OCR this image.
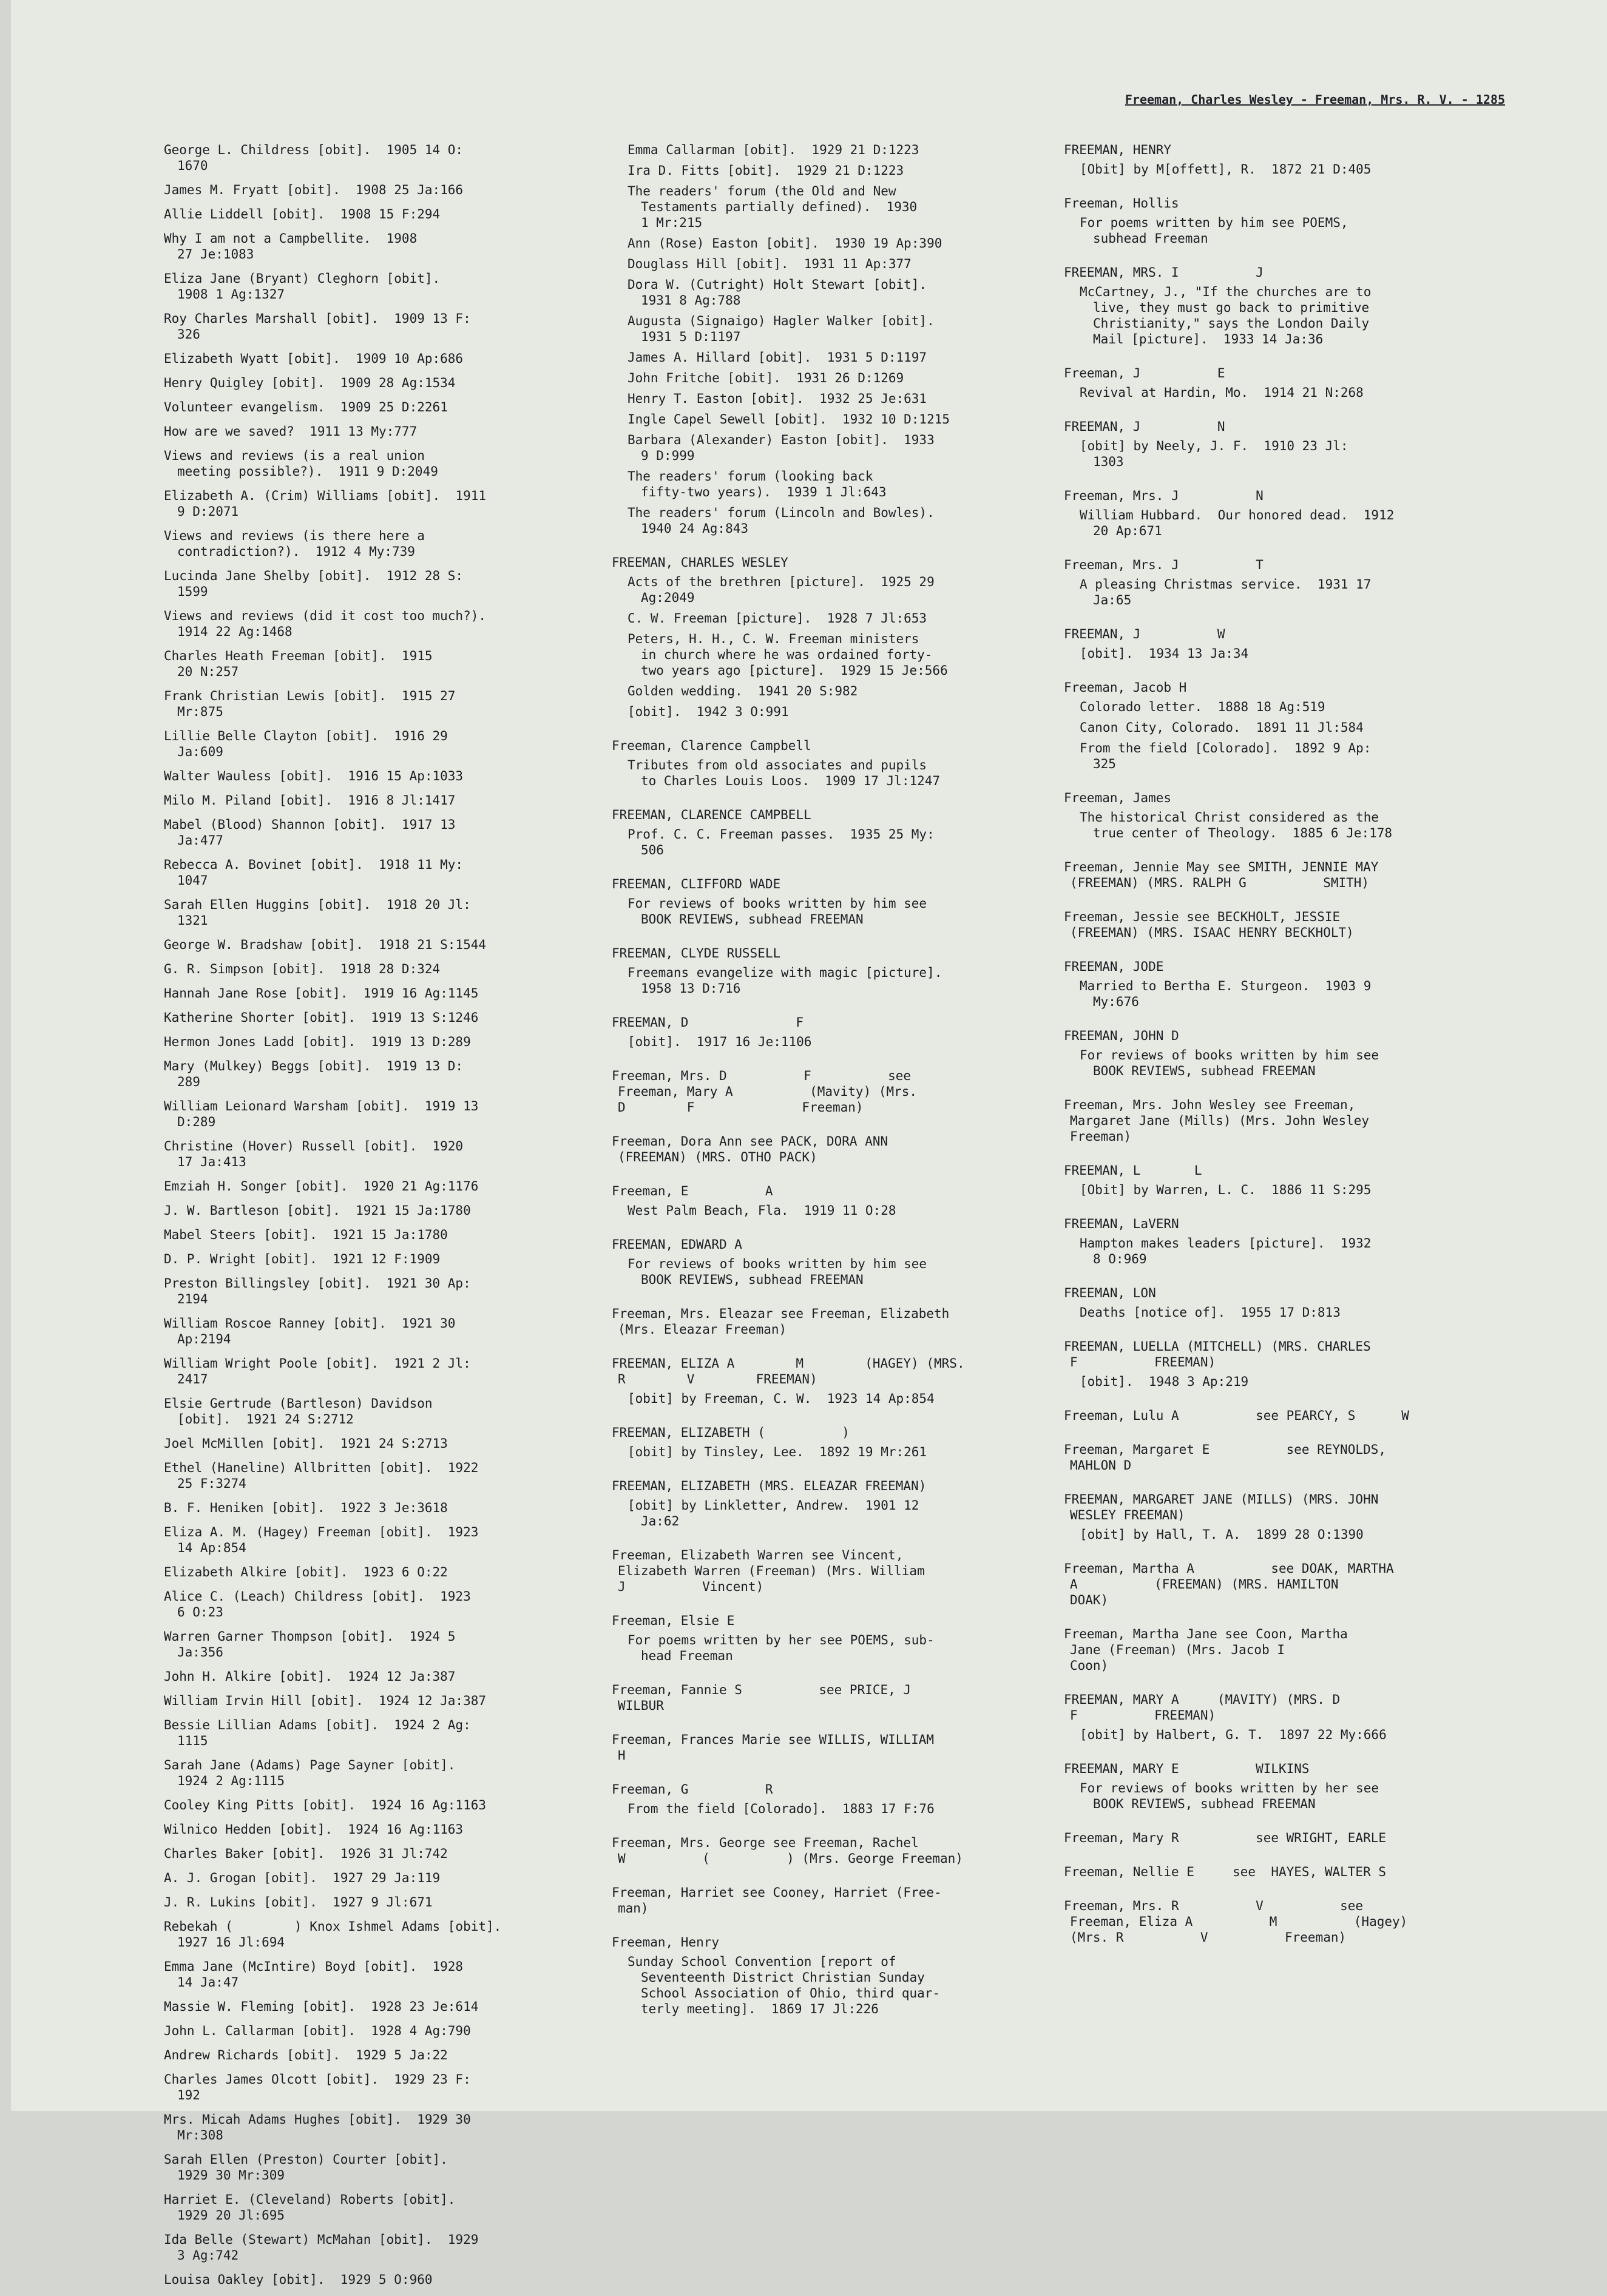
Freeman, Charles Wesley - Freeman, Mrs. R. V. - 1285
George L. Childress [obit].  1905 14 O:
1670
James M. Fryatt [obit].  1908 25 Ja:166
Allie Liddell [obit].  1908 15 F:294
Why I am not a Campbellite.  1908
27 Je:1083
Eliza Jane (Bryant) Cleghorn [obit].
1908 1 Ag:1327
Roy Charles Marshall [obit].  1909 13 F:
326
Elizabeth Wyatt [obit].  1909 10 Ap:686
Henry Quigley [obit].  1909 28 Ag:1534
Volunteer evangelism.  1909 25 D:2261
How are we saved?  1911 13 My:777
Views and reviews (is a real union
meeting possible?).  1911 9 D:2049
Elizabeth A. (Crim) Williams [obit].  1911
9 D:2071
Views and reviews (is there here a
contradiction?).  1912 4 My:739
Lucinda Jane Shelby [obit].  1912 28 S:
1599
Views and reviews (did it cost too much?).
1914 22 Ag:1468
Charles Heath Freeman [obit].  1915
20 N:257
Frank Christian Lewis [obit].  1915 27
Mr:875
Lillie Belle Clayton [obit].  1916 29
Ja:609
Walter Wauless [obit].  1916 15 Ap:1033
Milo M. Piland [obit].  1916 8 Jl:1417
Mabel (Blood) Shannon [obit].  1917 13
Ja:477
Rebecca A. Bovinet [obit].  1918 11 My:
1047
Sarah Ellen Huggins [obit].  1918 20 Jl:
1321
George W. Bradshaw [obit].  1918 21 S:1544
G. R. Simpson [obit].  1918 28 D:324
Hannah Jane Rose [obit].  1919 16 Ag:1145
Katherine Shorter [obit].  1919 13 S:1246
Hermon Jones Ladd [obit].  1919 13 D:289
Mary (Mulkey) Beggs [obit].  1919 13 D:
289
William Leionard Warsham [obit].  1919 13
D:289
Christine (Hover) Russell [obit].  1920
17 Ja:413
Emziah H. Songer [obit].  1920 21 Ag:1176
J. W. Bartleson [obit].  1921 15 Ja:1780
Mabel Steers [obit].  1921 15 Ja:1780
D. P. Wright [obit].  1921 12 F:1909
Preston Billingsley [obit].  1921 30 Ap:
2194
William Roscoe Ranney [obit].  1921 30
Ap:2194
William Wright Poole [obit].  1921 2 Jl:
2417
Elsie Gertrude (Bartleson) Davidson
[obit].  1921 24 S:2712
Joel McMillen [obit].  1921 24 S:2713
Ethel (Haneline) Allbritten [obit].  1922
25 F:3274
B. F. Heniken [obit].  1922 3 Je:3618
Eliza A. M. (Hagey) Freeman [obit].  1923
14 Ap:854
Elizabeth Alkire [obit].  1923 6 O:22
Alice C. (Leach) Childress [obit].  1923
6 O:23
Warren Garner Thompson [obit].  1924 5
Ja:356
John H. Alkire [obit].  1924 12 Ja:387
William Irvin Hill [obit].  1924 12 Ja:387
Bessie Lillian Adams [obit].  1924 2 Ag:
1115
Sarah Jane (Adams) Page Sayner [obit].
1924 2 Ag:1115
Cooley King Pitts [obit].  1924 16 Ag:1163
Wilnico Hedden [obit].  1924 16 Ag:1163
Charles Baker [obit].  1926 31 Jl:742
A. J. Grogan [obit].  1927 29 Ja:119
J. R. Lukins [obit].  1927 9 Jl:671
Rebekah (        ) Knox Ishmel Adams [obit].
1927 16 Jl:694
Emma Jane (McIntire) Boyd [obit].  1928
14 Ja:47
Massie W. Fleming [obit].  1928 23 Je:614
John L. Callarman [obit].  1928 4 Ag:790
Andrew Richards [obit].  1929 5 Ja:22
Charles James Olcott [obit].  1929 23 F:
192
Mrs. Micah Adams Hughes [obit].  1929 30
Mr:308
Sarah Ellen (Preston) Courter [obit].
1929 30 Mr:309
Harriet E. (Cleveland) Roberts [obit].
1929 20 Jl:695
Ida Belle (Stewart) McMahan [obit].  1929
3 Ag:742
Louisa Oakley [obit].  1929 5 O:960
Emma Callarman [obit].  1929 21 D:1223
Ira D. Fitts [obit].  1929 21 D:1223
The readers' forum (the Old and New
Testaments partially defined).  1930
1 Mr:215
Ann (Rose) Easton [obit].  1930 19 Ap:390
Douglass Hill [obit].  1931 11 Ap:377
Dora W. (Cutright) Holt Stewart [obit].
1931 8 Ag:788
Augusta (Signaigo) Hagler Walker [obit].
1931 5 D:1197
James A. Hillard [obit].  1931 5 D:1197
John Fritche [obit].  1931 26 D:1269
Henry T. Easton [obit].  1932 25 Je:631
Ingle Capel Sewell [obit].  1932 10 D:1215
Barbara (Alexander) Easton [obit].  1933
9 D:999
The readers' forum (looking back
fifty-two years).  1939 1 Jl:643
The readers' forum (Lincoln and Bowles).
1940 24 Ag:843
FREEMAN, CHARLES WESLEY
Acts of the brethren [picture].  1925 29
Ag:2049
C. W. Freeman [picture].  1928 7 Jl:653
Peters, H. H., C. W. Freeman ministers
in church where he was ordained forty-
two years ago [picture].  1929 15 Je:566
Golden wedding.  1941 20 S:982
[obit].  1942 3 O:991
Freeman, Clarence Campbell
Tributes from old associates and pupils
to Charles Louis Loos.  1909 17 Jl:1247
FREEMAN, CLARENCE CAMPBELL
Prof. C. C. Freeman passes.  1935 25 My:
506
FREEMAN, CLIFFORD WADE
For reviews of books written by him see
BOOK REVIEWS, subhead FREEMAN
FREEMAN, CLYDE RUSSELL
Freemans evangelize with magic [picture].
1958 13 D:716
FREEMAN, D              F
[obit].  1917 16 Je:1106
Freeman, Mrs. D          F          see
Freeman, Mary A          (Mavity) (Mrs.
D        F              Freeman)
Freeman, Dora Ann see PACK, DORA ANN
(FREEMAN) (MRS. OTHO PACK)
Freeman, E          A
West Palm Beach, Fla.  1919 11 O:28
FREEMAN, EDWARD A
For reviews of books written by him see
BOOK REVIEWS, subhead FREEMAN
Freeman, Mrs. Eleazar see Freeman, Elizabeth
(Mrs. Eleazar Freeman)
FREEMAN, ELIZA A        M        (HAGEY) (MRS.
R        V        FREEMAN)
[obit] by Freeman, C. W.  1923 14 Ap:854
FREEMAN, ELIZABETH (          )
[obit] by Tinsley, Lee.  1892 19 Mr:261
FREEMAN, ELIZABETH (MRS. ELEAZAR FREEMAN)
[obit] by Linkletter, Andrew.  1901 12
Ja:62
Freeman, Elizabeth Warren see Vincent,
Elizabeth Warren (Freeman) (Mrs. William
J          Vincent)
Freeman, Elsie E
For poems written by her see POEMS, sub-
head Freeman
Freeman, Fannie S          see PRICE, J
WILBUR
Freeman, Frances Marie see WILLIS, WILLIAM
H
Freeman, G          R
From the field [Colorado].  1883 17 F:76
Freeman, Mrs. George see Freeman, Rachel
W          (          ) (Mrs. George Freeman)
Freeman, Harriet see Cooney, Harriet (Free-
man)
Freeman, Henry
Sunday School Convention [report of
Seventeenth District Christian Sunday
School Association of Ohio, third quar-
terly meeting].  1869 17 Jl:226
FREEMAN, HENRY
[Obit] by M[offett], R.  1872 21 D:405
Freeman, Hollis
For poems written by him see POEMS,
subhead Freeman
FREEMAN, MRS. I          J
McCartney, J., "If the churches are to
live, they must go back to primitive
Christianity," says the London Daily
Mail [picture].  1933 14 Ja:36
Freeman, J          E
Revival at Hardin, Mo.  1914 21 N:268
FREEMAN, J          N
[obit] by Neely, J. F.  1910 23 Jl:
1303
Freeman, Mrs. J          N
William Hubbard.  Our honored dead.  1912
20 Ap:671
Freeman, Mrs. J          T
A pleasing Christmas service.  1931 17
Ja:65
FREEMAN, J          W
[obit].  1934 13 Ja:34
Freeman, Jacob H
Colorado letter.  1888 18 Ag:519
Canon City, Colorado.  1891 11 Jl:584
From the field [Colorado].  1892 9 Ap:
325
Freeman, James
The historical Christ considered as the
true center of Theology.  1885 6 Je:178
Freeman, Jennie May see SMITH, JENNIE MAY
(FREEMAN) (MRS. RALPH G          SMITH)
Freeman, Jessie see BECKHOLT, JESSIE
(FREEMAN) (MRS. ISAAC HENRY BECKHOLT)
FREEMAN, JODE
Married to Bertha E. Sturgeon.  1903 9
My:676
FREEMAN, JOHN D
For reviews of books written by him see
BOOK REVIEWS, subhead FREEMAN
Freeman, Mrs. John Wesley see Freeman,
Margaret Jane (Mills) (Mrs. John Wesley
Freeman)
FREEMAN, L       L
[Obit] by Warren, L. C.  1886 11 S:295
FREEMAN, LaVERN
Hampton makes leaders [picture].  1932
8 O:969
FREEMAN, LON
Deaths [notice of].  1955 17 D:813
FREEMAN, LUELLA (MITCHELL) (MRS. CHARLES
F          FREEMAN)
[obit].  1948 3 Ap:219
Freeman, Lulu A          see PEARCY, S      W
Freeman, Margaret E          see REYNOLDS,
MAHLON D
FREEMAN, MARGARET JANE (MILLS) (MRS. JOHN
WESLEY FREEMAN)
[obit] by Hall, T. A.  1899 28 O:1390
Freeman, Martha A          see DOAK, MARTHA
A          (FREEMAN) (MRS. HAMILTON
DOAK)
Freeman, Martha Jane see Coon, Martha
Jane (Freeman) (Mrs. Jacob I
Coon)
FREEMAN, MARY A     (MAVITY) (MRS. D
F          FREEMAN)
[obit] by Halbert, G. T.  1897 22 My:666
FREEMAN, MARY E          WILKINS
For reviews of books written by her see
BOOK REVIEWS, subhead FREEMAN
Freeman, Mary R          see WRIGHT, EARLE
Freeman, Nellie E     see  HAYES, WALTER S
Freeman, Mrs. R          V          see
Freeman, Eliza A          M          (Hagey)
(Mrs. R          V          Freeman)
